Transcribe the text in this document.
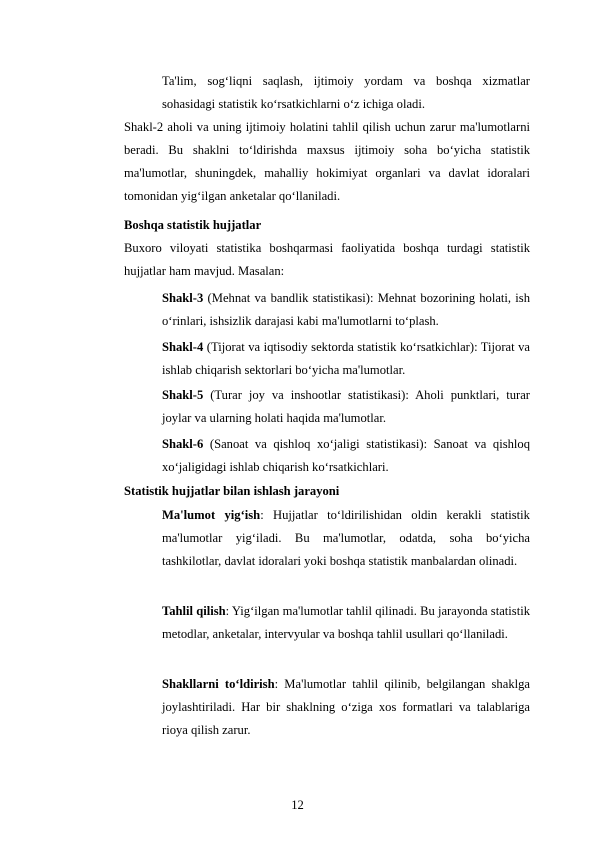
Ta'lim, sog‘liqni saqlash, ijtimoiy yordam va boshqa xizmatlar sohasidagi statistik ko‘rsatkichlarni o‘z ichiga oladi.

Shakl-2 aholi va uning ijtimoiy holatini tahlil qilish uchun zarur ma'lumotlarni beradi. Bu shaklni to‘ldirishda maxsus ijtimoiy soha bo‘yicha statistik ma'lumotlar, shuningdek, mahalliy hokimiyat organlari va davlat idoralari tomonidan yig‘ilgan anketalar qo‘llaniladi.

Boshqa statistik hujjatlar

Buxoro viloyati statistika boshqarmasi faoliyatida boshqa turdagi statistik hujjatlar ham mavjud. Masalan:

Shakl-3 (Mehnat va bandlik statistikasi): Mehnat bozorining holati, ish o‘rinlari, ishsizlik darajasi kabi ma'lumotlarni to‘plash.

Shakl-4 (Tijorat va iqtisodiy sektorda statistik ko‘rsatkichlar): Tijorat va ishlab chiqarish sektorlari bo‘yicha ma'lumotlar.

Shakl-5 (Turar joy va inshootlar statistikasi): Aholi punktlari, turar joylar va ularning holati haqida ma'lumotlar.

Shakl-6 (Sanoat va qishloq xo‘jaligi statistikasi): Sanoat va qishloq xo‘jaligidagi ishlab chiqarish ko‘rsatkichlari.

Statistik hujjatlar bilan ishlash jarayoni

Ma'lumot yig‘ish: Hujjatlar to‘ldirilishidan oldin kerakli statistik ma'lumotlar yig‘iladi. Bu ma'lumotlar, odatda, soha bo‘yicha tashkilotlar, davlat idoralari yoki boshqa statistik manbalardan olinadi.

Tahlil qilish: Yig‘ilgan ma'lumotlar tahlil qilinadi. Bu jarayonda statistik metodlar, anketalar, intervyular va boshqa tahlil usullari qo‘llaniladi.

Shakllarni to‘ldirish: Ma'lumotlar tahlil qilinib, belgilangan shaklga joylashtiriladi. Har bir shaklning o‘ziga xos formatlari va talablariga rioya qilish zarur.

12
